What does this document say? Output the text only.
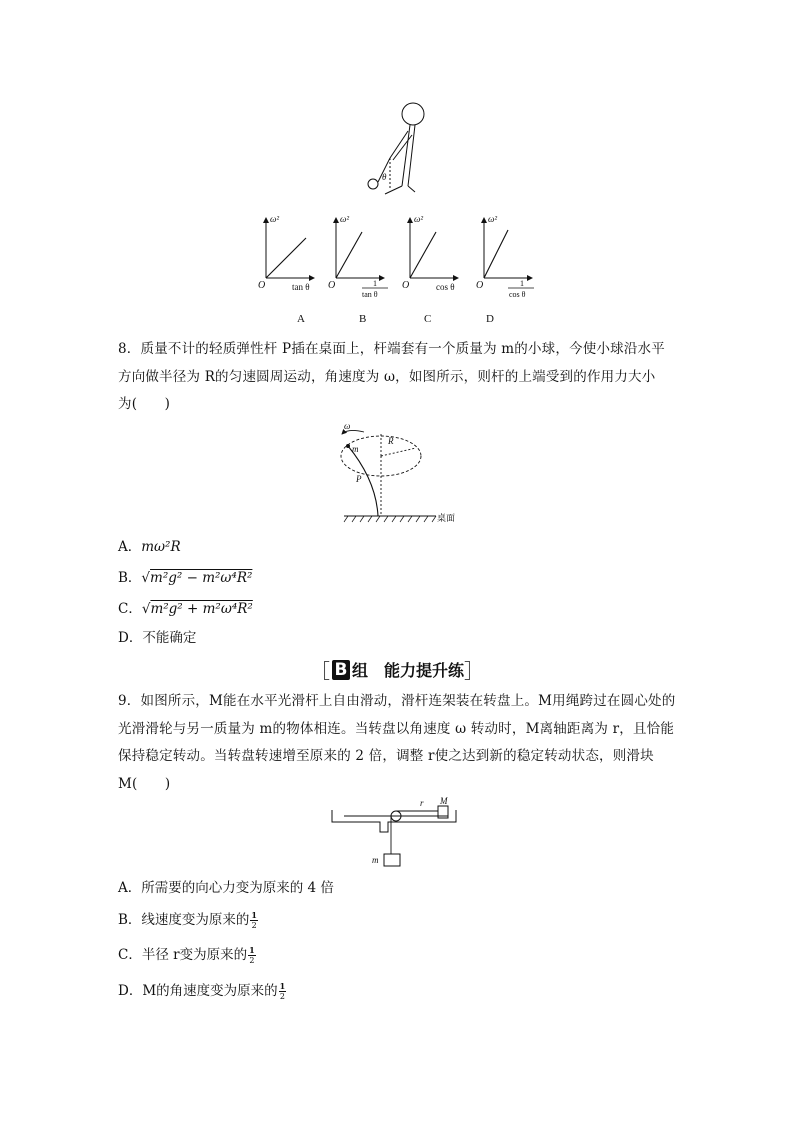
θ
ω²
O	tan θ
A
ω²
O	1
tan θ
B
ω²
O	cos θ
C
ω²
O	1
cos θ
D
8．质量不计的轻质弹性杆 P插在桌面上，杆端套有一个质量为 m的小球，今使小球沿水平
方向做半径为 R的匀速圆周运动，角速度为 ω，如图所示，则杆的上端受到的作用力大小
为(　　)
ω
m
R
P
桌面
A．mω²R
B．√m²g² − m²ω⁴R²
C．√m²g² + m²ω⁴R²
D．不能确定
［ B 组　能力提升练］
9．如图所示，M能在水平光滑杆上自由滑动，滑杆连架装在转盘上。M用绳跨过在圆心处的
光滑滑轮与另一质量为 m的物体相连。当转盘以角速度 ω 转动时，M离轴距离为 r，且恰能
保持稳定转动。当转盘转速增至原来的 2 倍，调整 r使之达到新的稳定转动状态，则滑块
M(　　)
r M
m
A．所需要的向心力变为原来的 4 倍
B．线速度变为原来的 $\frac{1}{2}$
C．半径 r变为原来的 $\frac{1}{2}$
D．M的角速度变为原来的 $\frac{1}{2}$
